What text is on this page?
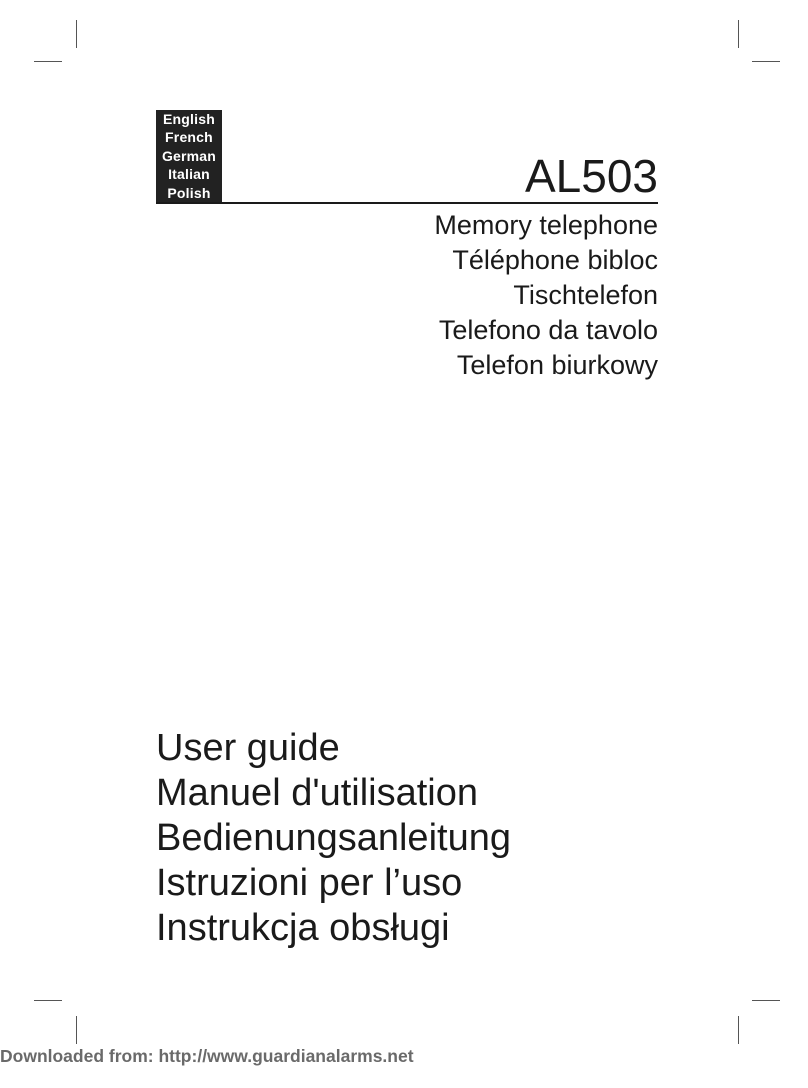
English
French
German
Italian
Polish	AL503
Memory telephone
Téléphone bibloc
Tischtelefon
Telefono da tavolo
Telefon biurkowy
User guide
Manuel d'utilisation
Bedienungsanleitung
Istruzioni per l’uso
Instrukcja obsługi
Downloaded from: http://www.guardianalarms.net
